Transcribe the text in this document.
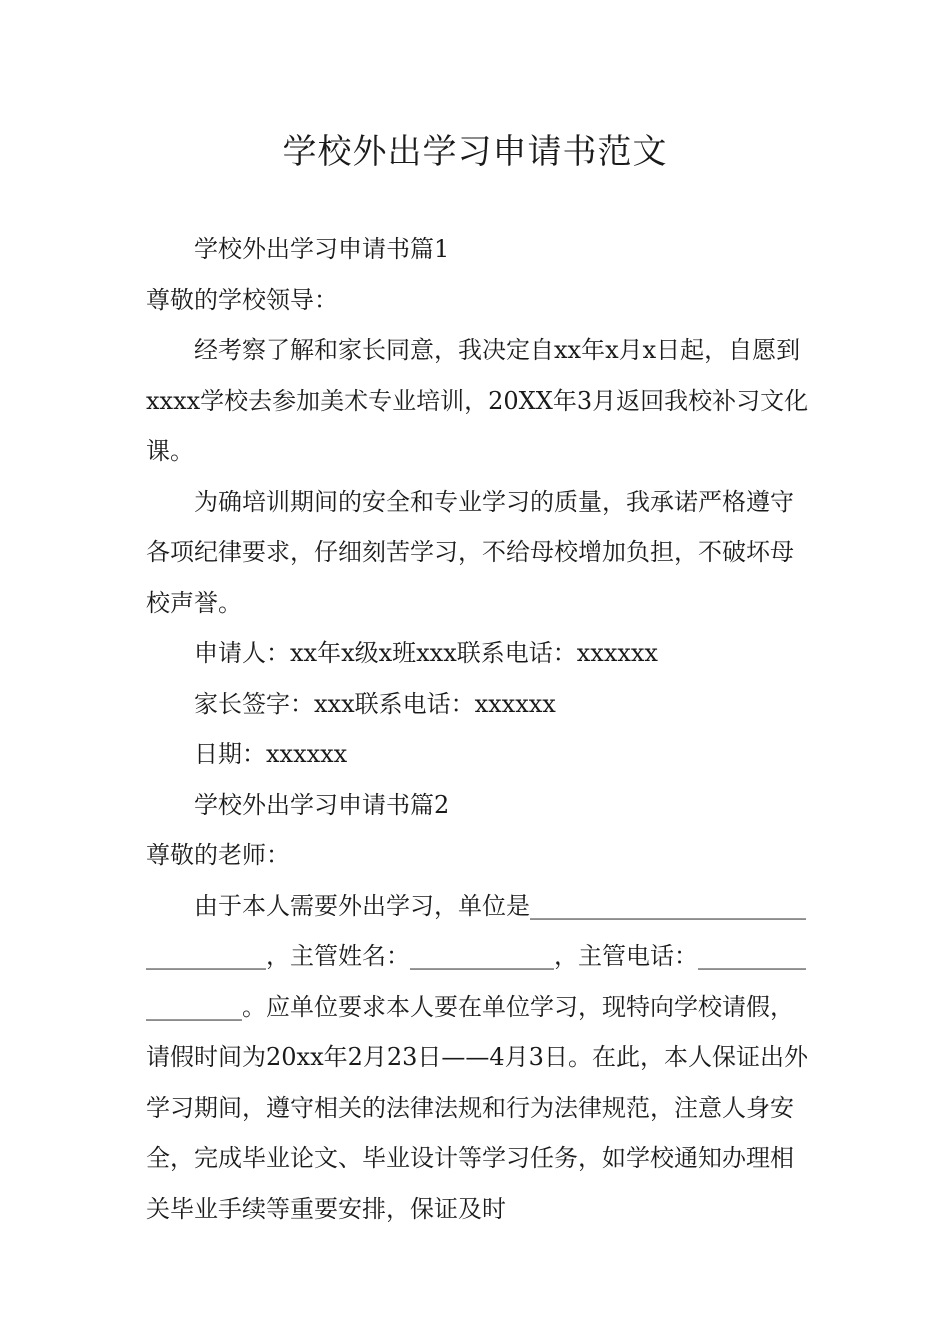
学校外出学习申请书范文

学校外出学习申请书篇1

尊敬的学校领导：

经考察了解和家长同意，我决定自xx年x月x日起，自愿到xxxx学校去参加美术专业培训，20XX年3月返回我校补习文化课。

为确培训期间的安全和专业学习的质量，我承诺严格遵守各项纪律要求，仔细刻苦学习，不给母校增加负担，不破坏母校声誉。

申请人：xx年x级x班xxx联系电话：xxxxxx

家长签字：xxx联系电话：xxxxxx

日期：xxxxxx

学校外出学习申请书篇2

尊敬的老师：

由于本人需要外出学习，单位是_________________________________，主管姓名：____________，主管电话：_________________。应单位要求本人要在单位学习，现特向学校请假，请假时间为20xx年2月23日——4月3日。在此，本人保证出外学习期间，遵守相关的法律法规和行为法律规范，注意人身安全，完成毕业论文、毕业设计等学习任务，如学校通知办理相关毕业手续等重要安排，保证及时
